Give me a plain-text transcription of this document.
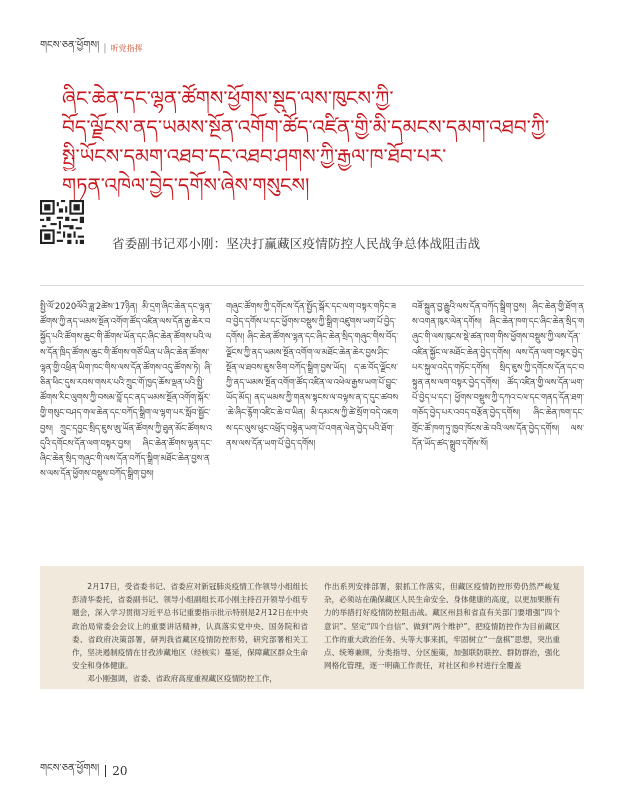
གངས་ཅན་ཕྱོགས། | 听党指挥
ཞིང་ཆེན་དང་ལྷན་ཚོགས་ཕྱོགས་སྡུད་ལས་ཁུངས་ཀྱི་
བོད་ལྗོངས་ནད་ཡམས་སྔོན་འགོག་ཚོད་འཛིན་གྱི་མི་དམངས་དམག་འཐབ་ཀྱི་
སྤྱི་ཡོངས་དམག་འཐབ་དང་འཐབ་ཤགས་ཀྱི་རྒྱལ་ཁ་ཐོབ་པར་
གཏན་འཁེལ་བྱེད་དགོས་ཞེས་གསུངས།
省委副书记邓小刚：坚决打赢藏区疫情防控人民战争总体战阻击战
སྤྱི་ལོ་2020ལོའི་ཟླ་2ཚེས་17ཉིན། མི་དྲག་ཞིང་ཆེན་དང་ལྷན་ཚོགས་ཀྱི་ནད་ཡམས་སྔོན་འགོག་ཚོད་འཛིན་ལས་དོན་རྒྱ་ཆེར་བསྐྱོད་པའི་ཚོགས་ཆུང་གི་ཚོགས་ཡོན་དང་ཞིང་ཆེན་ཚོགས་པའི་ལས་དོན་ཁྲིད་ཚོགས་ཆུང་གི་ཚོགས་གཙོ་ཡིན་པ་ཞིང་ཆེན་ཚོགས་ལྷན་གྱི་འཕྲིན་ཡིག་ཁང་གིས་ལས་དོན་ཚོགས་འདུ་ཚོགས་ཏེ། ཞི་ཅིན་ཕིང་དུས་རབས་གསར་པའི་ཀྲུང་གོ་ཁྱད་ཆོས་ལྡན་པའི་སྤྱི་ཚོགས་རིང་ལུགས་ཀྱི་བསམ་བློ་དང་ནད་ཡམས་སྔོན་འགོག་སྐོར་གྱི་གསུང་བཤད་གལ་ཆེན་དང་བཀོད་སྒྲིག་ལ་ལྷག་པར་སློབ་སྦྱོང་བྱས། ཀྲུང་དབྱང་སྲིད་ཇུས་ཨུ་ཡོན་ཚོགས་ཀྱི་ཐུན་མོང་ཚོགས་འདུའི་དགོངས་དོན་ལག་བསྟར་བྱས། ཞིང་ཆེན་ཚོགས་ལྷན་དང་ཞིང་ཆེན་སྲིད་གཞུང་གི་ལས་དོན་བཀོད་སྒྲིག་མཐོང་ཆེན་བྱས་ནས་ལས་དོན་ཕྱོགས་བསྡུས་བཀོད་སྒྲིག་བྱས།
གཞུང་ཚོགས་ཀྱི་དགོངས་དོན་སྤྱོད་སྒོར་དང་ལག་བསྟར་གཏིང་ཟབ་བྱེད་དགོས་པ་དང་ཕྱོགས་བསྡུས་ཀྱི་སྒྲིག་འཛུགས་ཡག་པོ་བྱེད་དགོས། ཞིང་ཆེན་ཚོགས་ལྷན་དང་ཞིང་ཆེན་སྲིད་གཞུང་གིས་བོད་ལྗོངས་ཀྱི་ནད་ཡམས་སྔོན་འགོག་ལ་མཐོང་ཆེན་ཆེར་བྱས་ཤིང་སྔོན་ལ་ཐབས་ཇུས་ཅིག་བཀོད་སྒྲིག་བྱས་ཡོད། ད་ཆ་བོད་ལྗོངས་ཀྱི་ནད་ཡམས་སྔོན་འགོག་ཚོད་འཛིན་ལ་འཕེལ་རྒྱས་ཡག་པོ་བྱུང་ཡོད་མོད། ནད་ཡམས་ཀྱི་གནས་སྟངས་ལ་བལྟས་ན་ད་དུང་ཚབས་ཆེ་ཞིང་རྙོག་འཛིང་ཆེ་བ་ཡིན། མི་དམངས་ཀྱི་ཚེ་སྲོག་བདེ་འཇགས་དང་ལུས་ཕུང་འཕྲོད་བསྟེན་ཡག་པོ་འགན་ལེན་བྱེད་པའི་ཐོག་ནས་ལས་དོན་ཡག་པོ་བྱེད་དགོས།
བཟོ་སྐྲུན་བྱ་རྒྱུའི་ལས་དོན་བཀོད་སྒྲིག་བྱས། ཞིང་ཆེན་གྱི་ཐོག་ནས་འགན་ཁུར་ལེན་དགོས། ཞིང་ཆེན་ཁག་དང་ཞིང་ཆེན་སྲིད་གཞུང་གི་ལས་ཁུངས་སྡེ་ཚན་ཁག་གིས་ཕྱོགས་བསྡུས་ཀྱི་ལས་དོན་འཛིན་སྐྱོང་ལ་མཐོང་ཆེན་བྱེད་དགོས། ལས་དོན་ལག་བསྟར་བྱེད་པར་སྐུལ་འདེད་གཏོང་དགོས། སྲིད་ཇུས་ཀྱི་དགོངས་དོན་དང་བསྟུན་ནས་ལག་བསྟར་བྱེད་དགོས། ཚོད་འཛིན་གྱི་ལས་དོན་ཡག་པོ་བྱེད་པ་དང་། ཕྱོགས་བསྡུས་ཀྱི་དཀའ་ངལ་དང་གནད་དོན་ཐག་གཅོད་བྱེད་པར་འབད་བརྩོན་བྱེད་དགོས། ཞིང་ཆེན་ཁག་དང་གྲོང་ཚོ་ཁག་ཏུ་ཁྱབ་ཁོངས་ཆེ་བའི་ལས་དོན་བྱེད་དགོས། ལས་དོན་ཡོད་ཚད་སྒྲུབ་དགོས་སོ།

2月17日，受省委书记、省委应对新冠肺炎疫情工作领导小组组长彭清华委托，省委副书记、领导小组副组长邓小刚主持召开领导小组专题会，深入学习贯彻习近平总书记重要指示批示特别是2月12日在中央政治局常委会会议上的重要讲话精神，认真落实党中央、国务院和省委、省政府决策部署，研判我省藏区疫情防控形势，研究部署相关工作，坚决遏制疫情在甘孜涉藏地区（经核实）蔓延，保障藏区群众生命安全和身体健康。

邓小刚强调，省委、省政府高度重视藏区疫情防控工作，

作出系列安排部署，狠抓工作落实，但藏区疫情防控形势仍然严峻复杂，必须站在确保藏区人民生命安全、身体健康的高度，以更加果断有力的举措打好疫情防控阻击战。藏区州县和省直有关部门要增强“四个意识”、坚定“四个自信”、做到“两个维护”，把疫情防控作为目前藏区工作的重大政治任务、头等大事来抓，牢固树立“一盘棋”思想，突出重点、统筹兼顾，分类指导、分区施策，加强联防联控、群防群治，强化网格化管理，逐一明确工作责任，对社区和乡村进行全覆盖

གངས་ཅན་ཕྱོགས། 20
